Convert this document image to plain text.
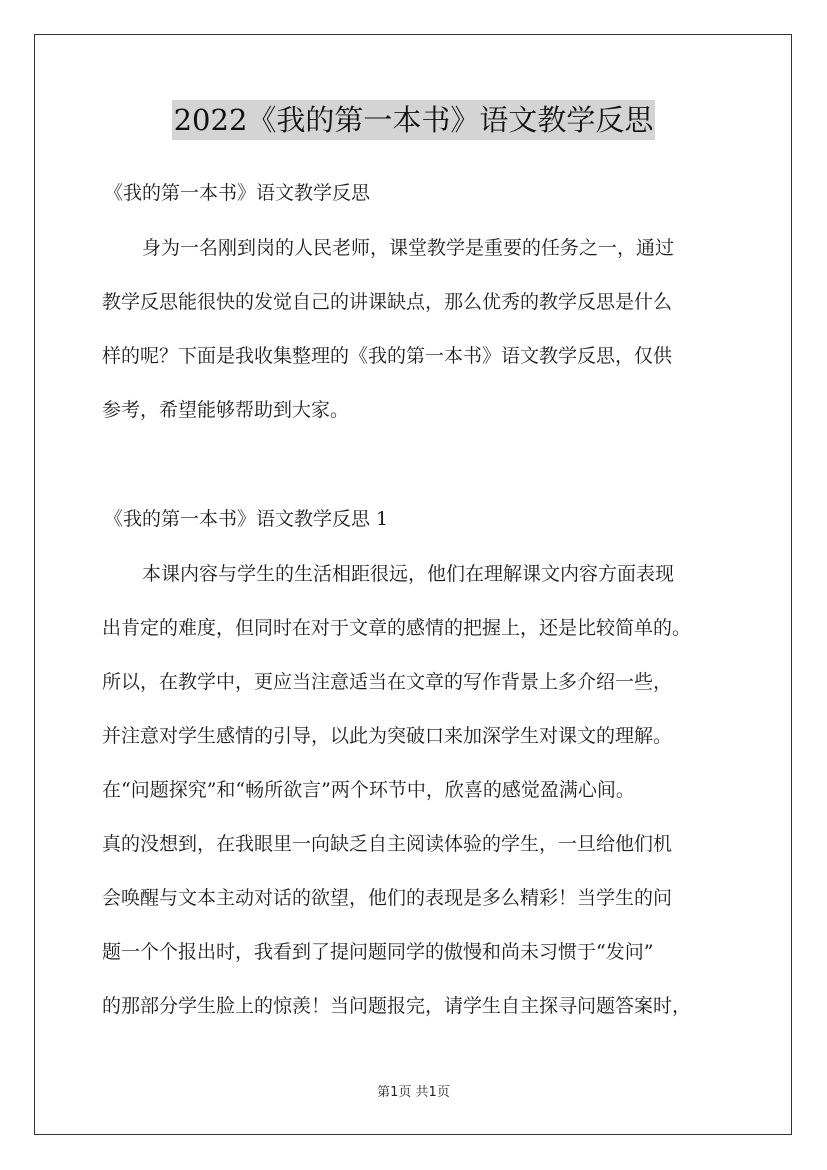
2022《我的第一本书》语文教学反思
《我的第一本书》语文教学反思
身为一名刚到岗的人民老师，课堂教学是重要的任务之一，通过
教学反思能很快的发觉自己的讲课缺点，那么优秀的教学反思是什么
样的呢？下面是我收集整理的《我的第一本书》语文教学反思，仅供
参考，希望能够帮助到大家。
《我的第一本书》语文教学反思 1
本课内容与学生的生活相距很远，他们在理解课文内容方面表现
出肯定的难度，但同时在对于文章的感情的把握上，还是比较简单的。
所以，在教学中，更应当注意适当在文章的写作背景上多介绍一些，
并注意对学生感情的引导，以此为突破口来加深学生对课文的理解。
在“问题探究”和“畅所欲言”两个环节中，欣喜的感觉盈满心间。
真的没想到，在我眼里一向缺乏自主阅读体验的学生，一旦给他们机
会唤醒与文本主动对话的欲望，他们的表现是多么精彩！当学生的问
题一个个报出时，我看到了提问题同学的傲慢和尚未习惯于“发问”
的那部分学生脸上的惊羡！当问题报完，请学生自主探寻问题答案时，
第1页 共1页
